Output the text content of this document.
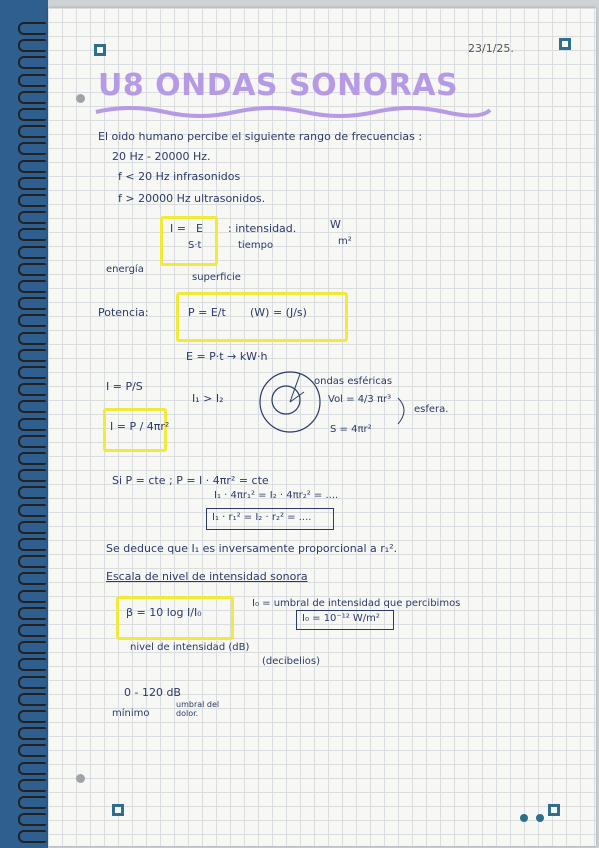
23/1/25.
U8 ONDAS SONORAS
El oido humano percibe el siguiente rango de frecuencias :
20 Hz - 20000 Hz.
f < 20 Hz infrasonidos
f > 20000 Hz ultrasonidos.
I = E
S·t
: intensidad.	W
m²
tiempo
energía
superficie
Potencia:	P = E/t (W) = (J/s)
E = P·t → kW·h
I = P/S
I₁ > I₂
I = P / 4πr²
ondas esféricas
Vol = 4/3 πr³
S = 4πr²
esfera.
Si P = cte ; P = I · 4πr² = cte
I₁ · 4πr₁² = I₂ · 4πr₂² = ....
I₁ · r₁² = I₂ · r₂² = ....
Se deduce que I₁ es inversamente proporcional a r₁².
Escala de nivel de intensidad sonora
β = 10 log I/I₀
I₀ = umbral de intensidad que percibimos
I₀ = 10⁻¹² W/m²
nivel de intensidad (dB)
(decibelios)
0 - 120 dB
mínimo
umbral del dolor.
